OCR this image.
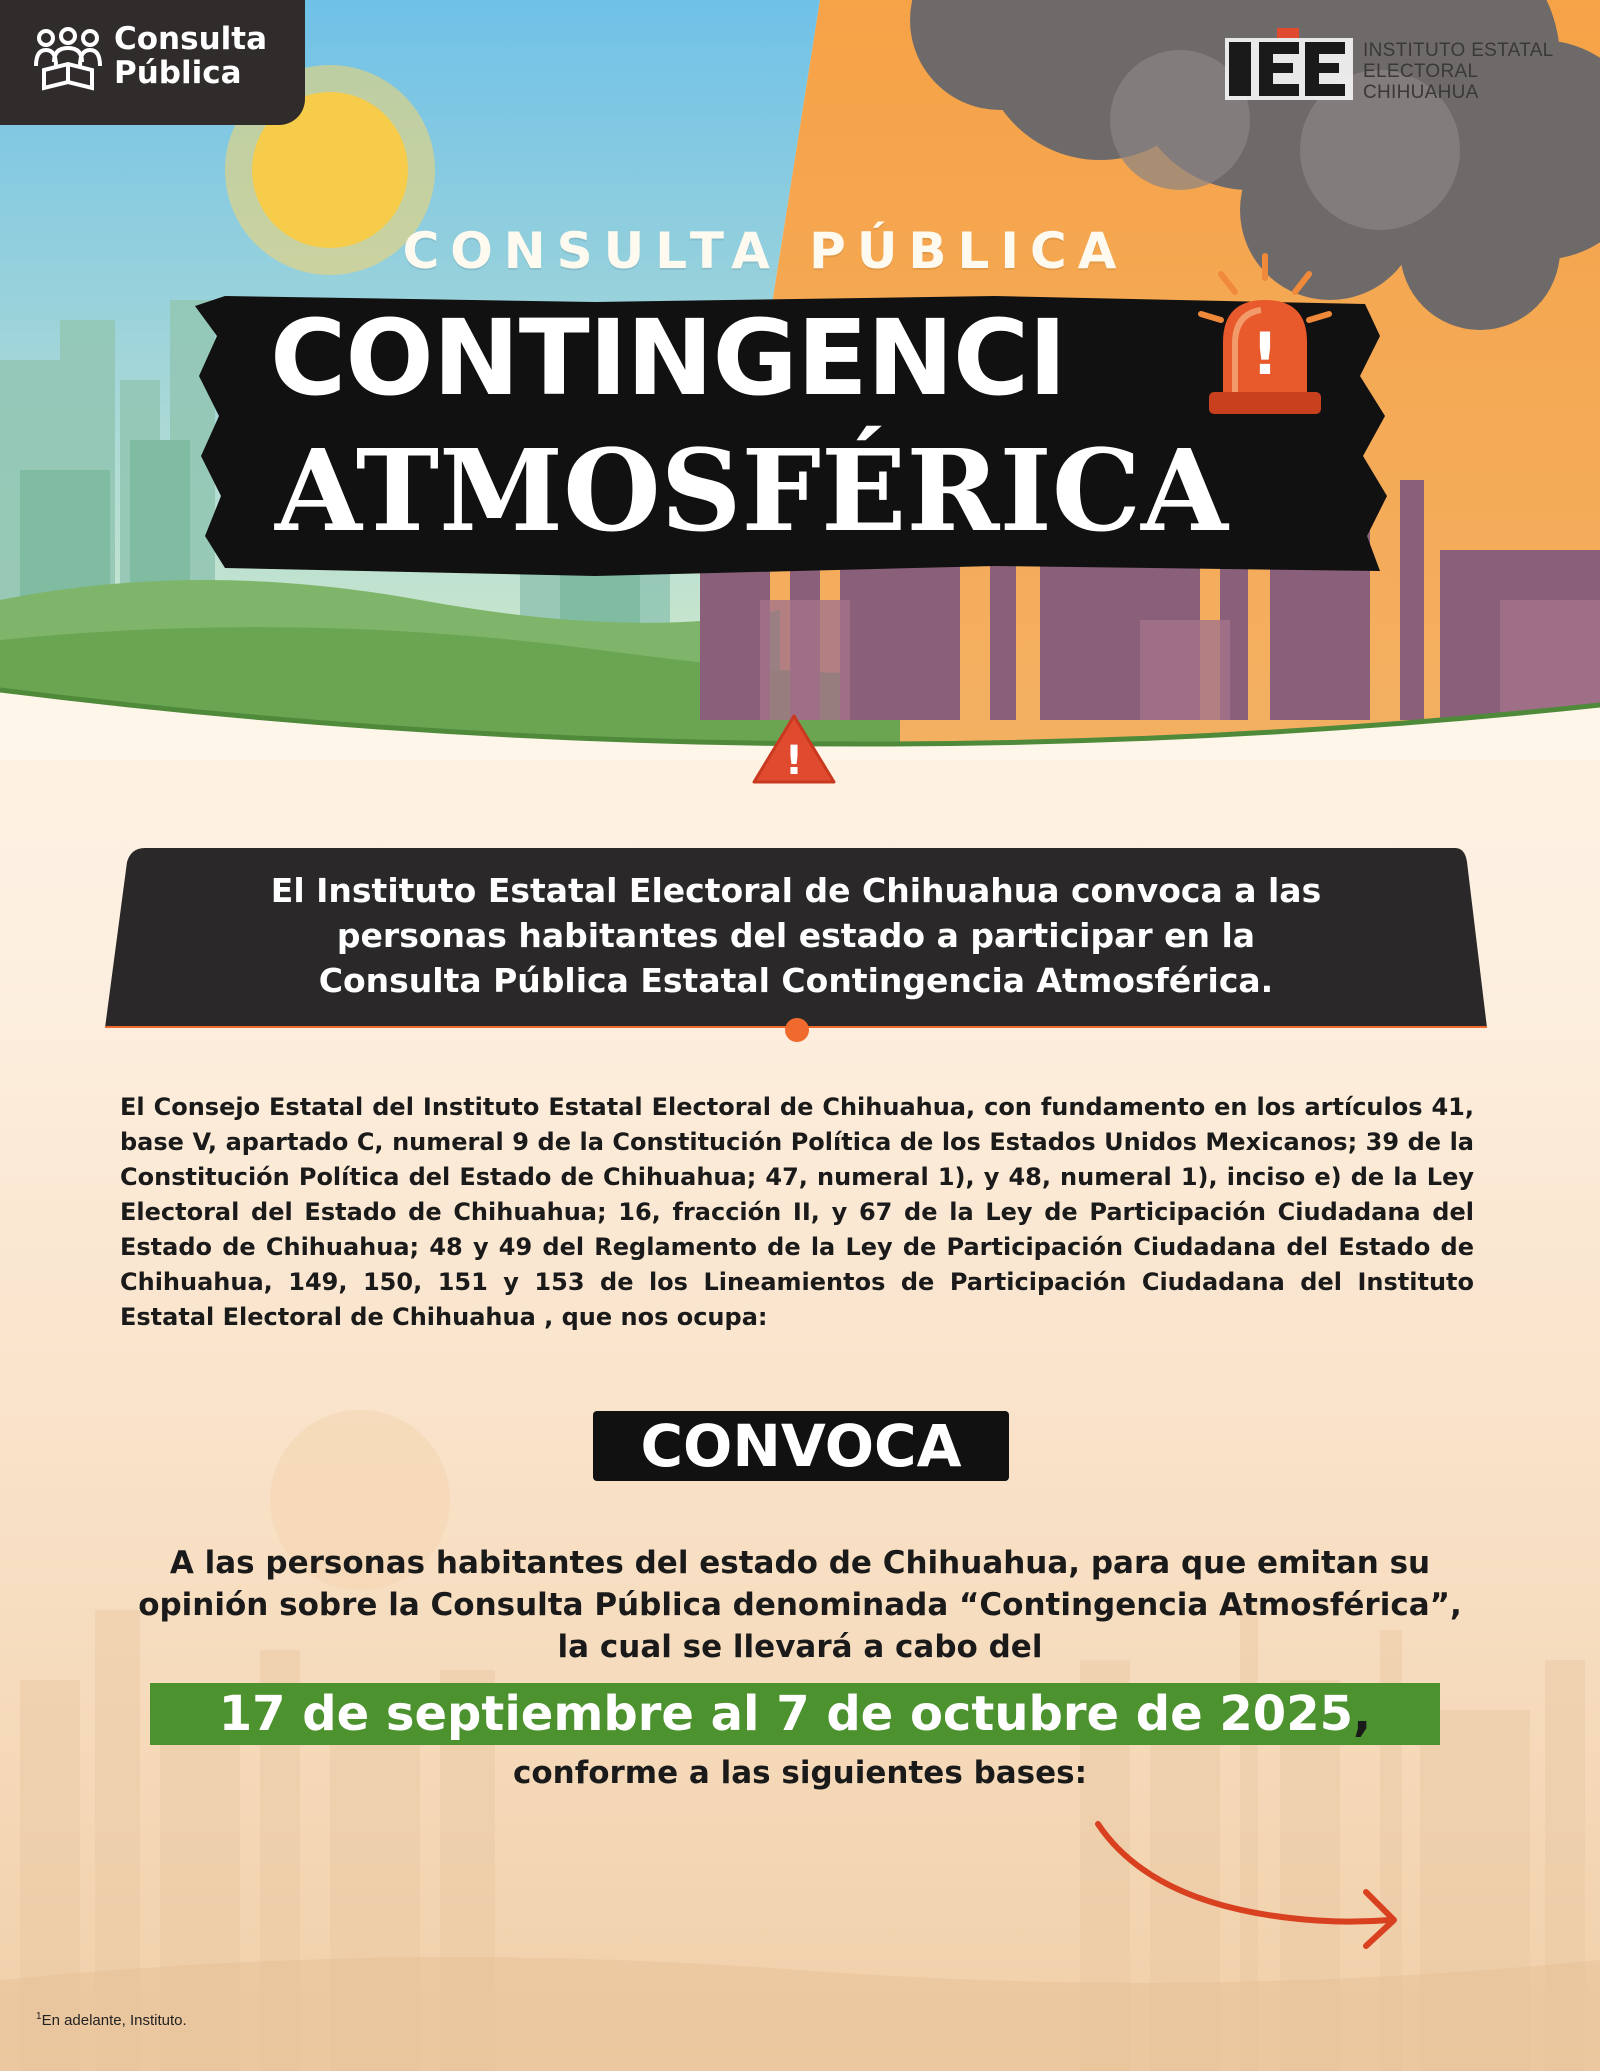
Consulta
Pública
INSTITUTO ESTATAL
ELECTORAL CHIHUAHUA
CONSULTA PÚBLICA
CONTINGENCI
ATMOSFÉRICA
!
!
El Instituto Estatal Electoral de Chihuahua convoca a las
personas habitantes del estado a participar en la
Consulta Pública Estatal Contingencia Atmosférica.
El Consejo Estatal del Instituto Estatal Electoral de Chihuahua, con fundamento en los artículos 41, base V, apartado C, numeral 9 de la Constitución Política de los Estados Unidos Mexicanos; 39 de la Constitución Política del Estado de Chihuahua; 47, numeral 1), y 48, numeral 1), inciso e) de la Ley Electoral del Estado de Chihuahua; 16, fracción II, y 67 de la Ley de Participación Ciudadana del Estado de Chihuahua; 48 y 49 del Reglamento de la Ley de Participación Ciudadana del Estado de Chihuahua, 149, 150, 151 y 153 de los Lineamientos de Participación Ciudadana del Instituto Estatal Electoral de Chihuahua , que nos ocupa:
CONVOCA
A las personas habitantes del estado de Chihuahua, para que emitan su
opinión sobre la Consulta Pública denominada “Contingencia Atmosférica”,
la cual se llevará a cabo del
17 de septiembre al 7 de octubre de 2025,
conforme a las siguientes bases:
$^1$En adelante, Instituto.
